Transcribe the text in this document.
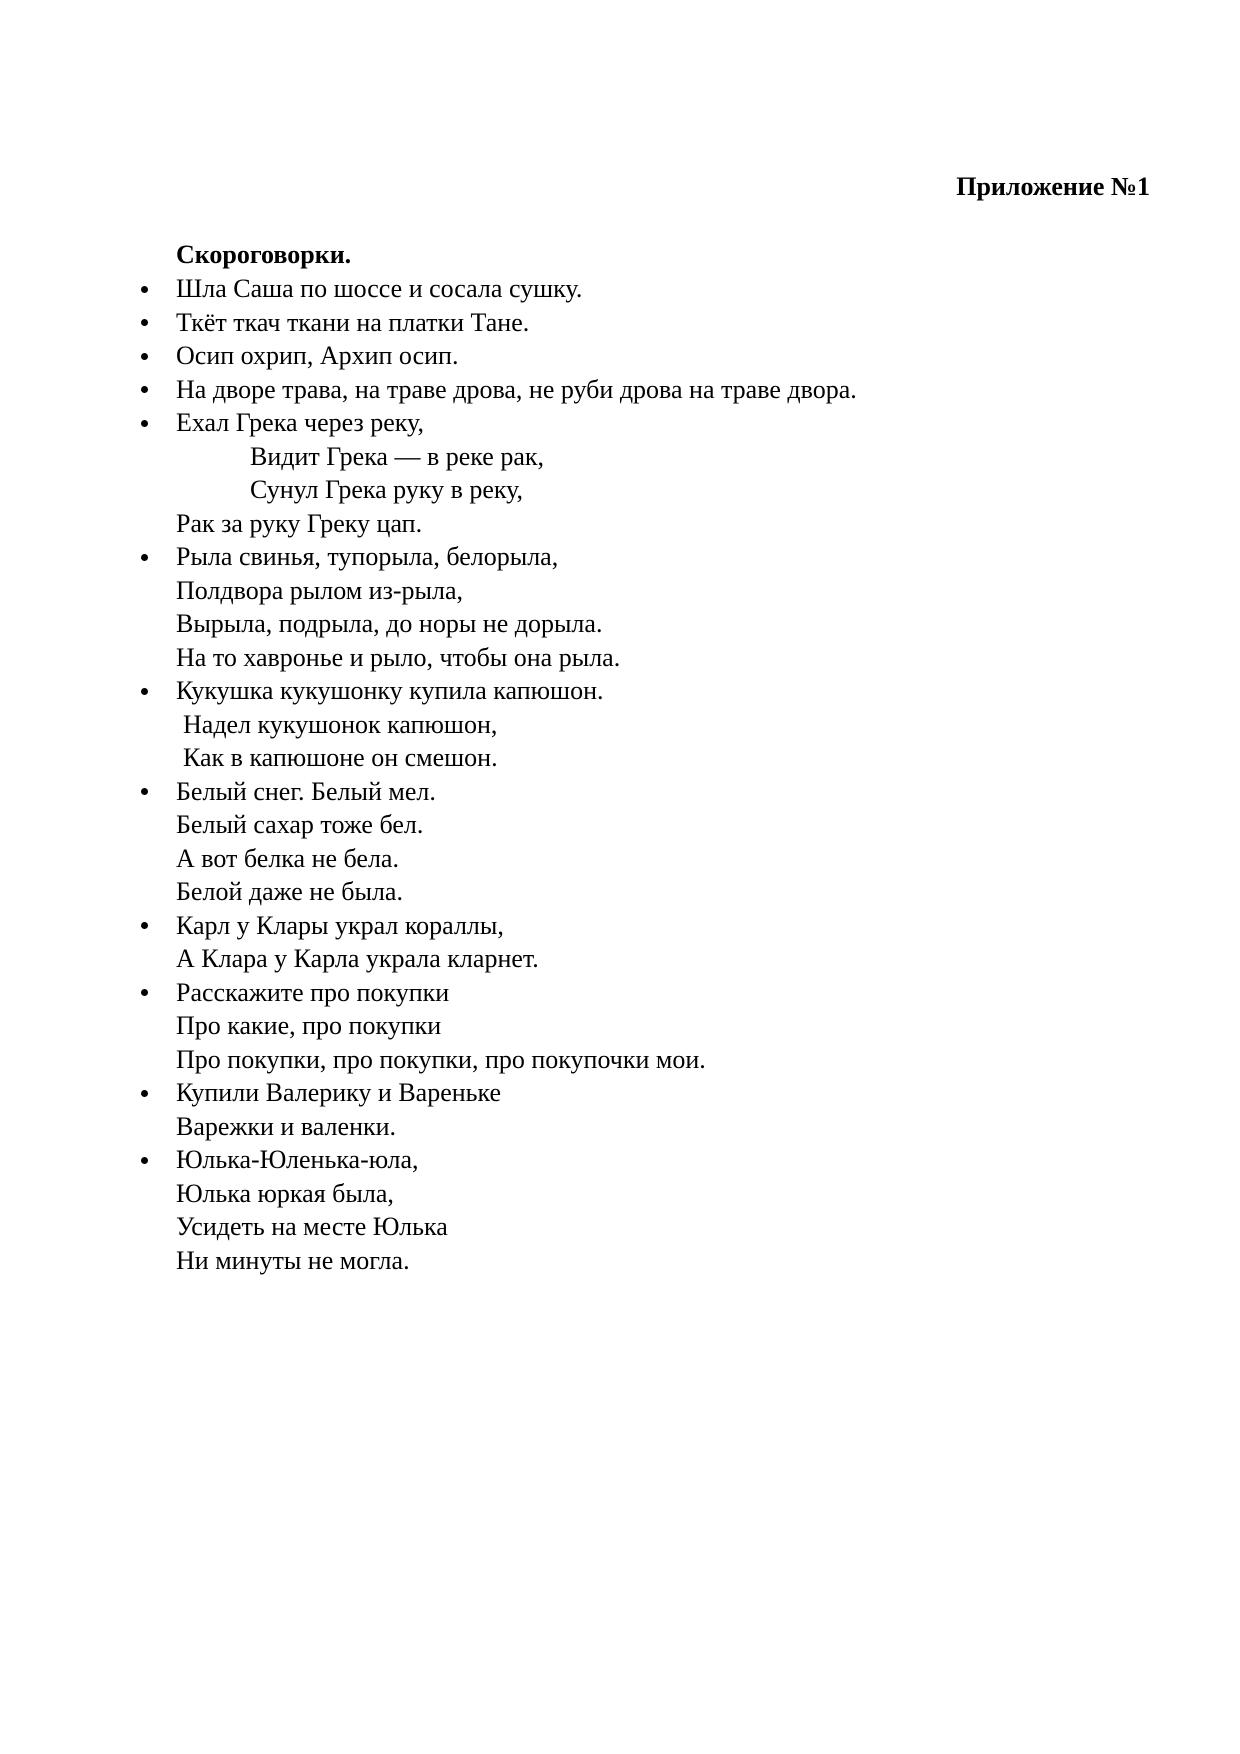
Приложение №1
Скороговорки.
Шла Саша по шоссе и сосала сушку.
Ткёт ткач ткани на платки Тане.
Осип охрип, Архип осип.
На дворе трава, на траве дрова, не руби дрова на траве двора.
Ехал Грека через реку,
Видит Грека — в реке рак,
Сунул Грека руку в реку,
Рак за руку Греку цап.
Рыла свинья, тупорыла, белорыла,
Полдвора рылом из-рыла,
Вырыла, подрыла, до норы не дорыла.
На то хавронье и рыло, чтобы она рыла.
Кукушка кукушонку купила капюшон.
Надел кукушонок капюшон,
Как в капюшоне он смешон.
Белый снег. Белый мел.
Белый сахар тоже бел.
А вот белка не бела.
Белой даже не была.
Карл у Клары украл кораллы,
А Клара у Карла украла кларнет.
Расскажите про покупки
Про какие, про покупки
Про покупки, про покупки, про покупочки мои.
Купили Валерику и Вареньке
Варежки и валенки.
Юлька-Юленька-юла,
Юлька юркая была,
Усидеть на месте Юлька
Ни минуты не могла.
